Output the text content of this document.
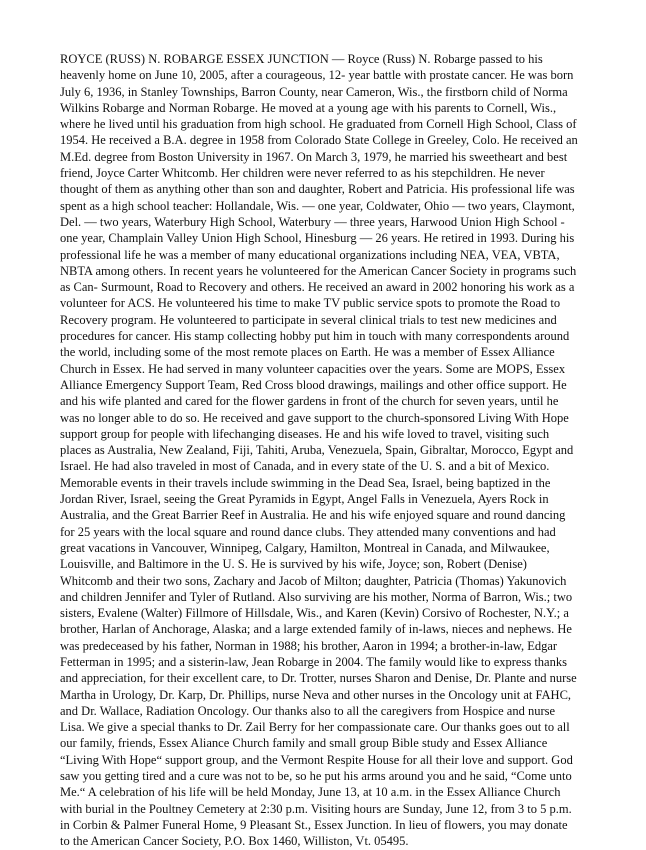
ROYCE (RUSS) N. ROBARGE ESSEX JUNCTION — Royce (Russ) N. Robarge passed to his
heavenly home on June 10, 2005, after a courageous, 12- year battle with prostate cancer. He was born
July 6, 1936, in Stanley Townships, Barron County, near Cameron, Wis., the firstborn child of Norma
Wilkins Robarge and Norman Robarge. He moved at a young age with his parents to Cornell, Wis.,
where he lived until his graduation from high school. He graduated from Cornell High School, Class of
1954. He received a B.A. degree in 1958 from Colorado State College in Greeley, Colo. He received an
M.Ed. degree from Boston University in 1967. On March 3, 1979, he married his sweetheart and best
friend, Joyce Carter Whitcomb. Her children were never referred to as his stepchildren. He never
thought of them as anything other than son and daughter, Robert and Patricia. His professional life was
spent as a high school teacher: Hollandale, Wis. — one year, Coldwater, Ohio — two years, Claymont,
Del. — two years, Waterbury High School, Waterbury — three years, Harwood Union High School -
one year, Champlain Valley Union High School, Hinesburg — 26 years. He retired in 1993. During his
professional life he was a member of many educational organizations including NEA, VEA, VBTA,
NBTA among others. In recent years he volunteered for the American Cancer Society in programs such
as Can- Surmount, Road to Recovery and others. He received an award in 2002 honoring his work as a
volunteer for ACS. He volunteered his time to make TV public service spots to promote the Road to
Recovery program. He volunteered to participate in several clinical trials to test new medicines and
procedures for cancer. His stamp collecting hobby put him in touch with many correspondents around
the world, including some of the most remote places on Earth. He was a member of Essex Alliance
Church in Essex. He had served in many volunteer capacities over the years. Some are MOPS, Essex
Alliance Emergency Support Team, Red Cross blood drawings, mailings and other office support. He
and his wife planted and cared for the flower gardens in front of the church for seven years, until he
was no longer able to do so. He received and gave support to the church-sponsored Living With Hope
support group for people with lifechanging diseases. He and his wife loved to travel, visiting such
places as Australia, New Zealand, Fiji, Tahiti, Aruba, Venezuela, Spain, Gibraltar, Morocco, Egypt and
Israel. He had also traveled in most of Canada, and in every state of the U. S. and a bit of Mexico.
Memorable events in their travels include swimming in the Dead Sea, Israel, being baptized in the
Jordan River, Israel, seeing the Great Pyramids in Egypt, Angel Falls in Venezuela, Ayers Rock in
Australia, and the Great Barrier Reef in Australia. He and his wife enjoyed square and round dancing
for 25 years with the local square and round dance clubs. They attended many conventions and had
great vacations in Vancouver, Winnipeg, Calgary, Hamilton, Montreal in Canada, and Milwaukee,
Louisville, and Baltimore in the U. S. He is survived by his wife, Joyce; son, Robert (Denise)
Whitcomb and their two sons, Zachary and Jacob of Milton; daughter, Patricia (Thomas) Yakunovich
and children Jennifer and Tyler of Rutland. Also surviving are his mother, Norma of Barron, Wis.; two
sisters, Evalene (Walter) Fillmore of Hillsdale, Wis., and Karen (Kevin) Corsivo of Rochester, N.Y.; a
brother, Harlan of Anchorage, Alaska; and a large extended family of in-laws, nieces and nephews. He
was predeceased by his father, Norman in 1988; his brother, Aaron in 1994; a brother-in-law, Edgar
Fetterman in 1995; and a sisterin-law, Jean Robarge in 2004. The family would like to express thanks
and appreciation, for their excellent care, to Dr. Trotter, nurses Sharon and Denise, Dr. Plante and nurse
Martha in Urology, Dr. Karp, Dr. Phillips, nurse Neva and other nurses in the Oncology unit at FAHC,
and Dr. Wallace, Radiation Oncology. Our thanks also to all the caregivers from Hospice and nurse
Lisa. We give a special thanks to Dr. Zail Berry for her compassionate care. Our thanks goes out to all
our family, friends, Essex Aliance Church family and small group Bible study and Essex Alliance
“Living With Hope“ support group, and the Vermont Respite House for all their love and support. God
saw you getting tired and a cure was not to be, so he put his arms around you and he said, “Come unto
Me.“ A celebration of his life will be held Monday, June 13, at 10 a.m. in the Essex Alliance Church
with burial in the Poultney Cemetery at 2:30 p.m. Visiting hours are Sunday, June 12, from 3 to 5 p.m.
in Corbin & Palmer Funeral Home, 9 Pleasant St., Essex Junction. In lieu of flowers, you may donate
to the American Cancer Society, P.O. Box 1460, Williston, Vt. 05495.
